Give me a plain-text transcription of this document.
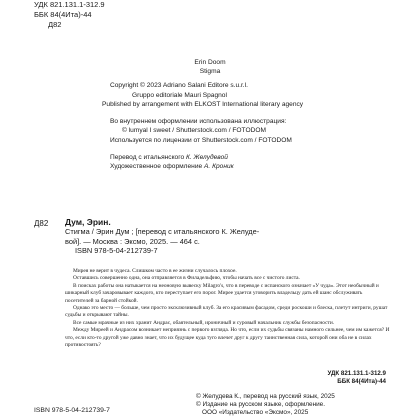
УДК 821.131.1-312.9
ББК 84(4Ита)-44
Д82
Erin Doom
Stigma
Copyright © 2023 Adriano Salani Editore s.u.r.l.
Gruppo editoriale Mauri Spagnol
Published by arrangement with ELKOST International literary agency
Во внутреннем оформлении использована иллюстрация:
© lumyal I sweet / Shutterstock.com / FOTODOM
Используется по лицензии от Shutterstock.com / FOTODOM
Перевод с итальянского К. Желудевой
Художественное оформление А. Кроник
Д82 Дум, Эрин.
Стигма / Эрин Дум ; [перевод с итальянского К. Желуде-
вой]. — Москва : Эксмо, 2025. — 464 с.
ISBN 978-5-04-212739-7

Мирея не верит в чудеса. Слишком часто в ее жизни случалось плохое.

Оставшись совершенно одна, она отправляется в Филадельфию, чтобы начать все с чистого листа.

В поисках работы она натыкается на неоновую вывеску Milagro's, что в переводе с испанского означает «У чуда». Этот необычный и шикарный клуб зачаровывает каждого, кто переступает его порог. Мирее удается уговорить владельцу дать ей шанс обслуживать посетителей за барной стойкой.

Однако это место — больше, чем просто эксклюзивный клуб. За его красивым фасадом, среди роскоши и блеска, плетут интриги, рушат судьбы и открывают тайны.

Все самые мрачные из них хранит Андрас, обаятельный, ироничный и суровый начальник службы безопасности.

Между Миреей и Андрасом возникает неприязнь с первого взгляда. Но что, если их судьбы связаны намного сильнее, чем им кажется? И что, если кто-то другой уже давно знает, что их будущее куда туго влечет друг к другу таинственная сила, которой они оба не в силах противостоять?

УДК 821.131.1-312.9
ББК 84(4Ита)-44
© Желудева К., перевод на русский язык, 2025
© Издание на русском языке, оформление.
ООО «Издательство «Эксмо», 2025
ISBN 978-5-04-212739-7
